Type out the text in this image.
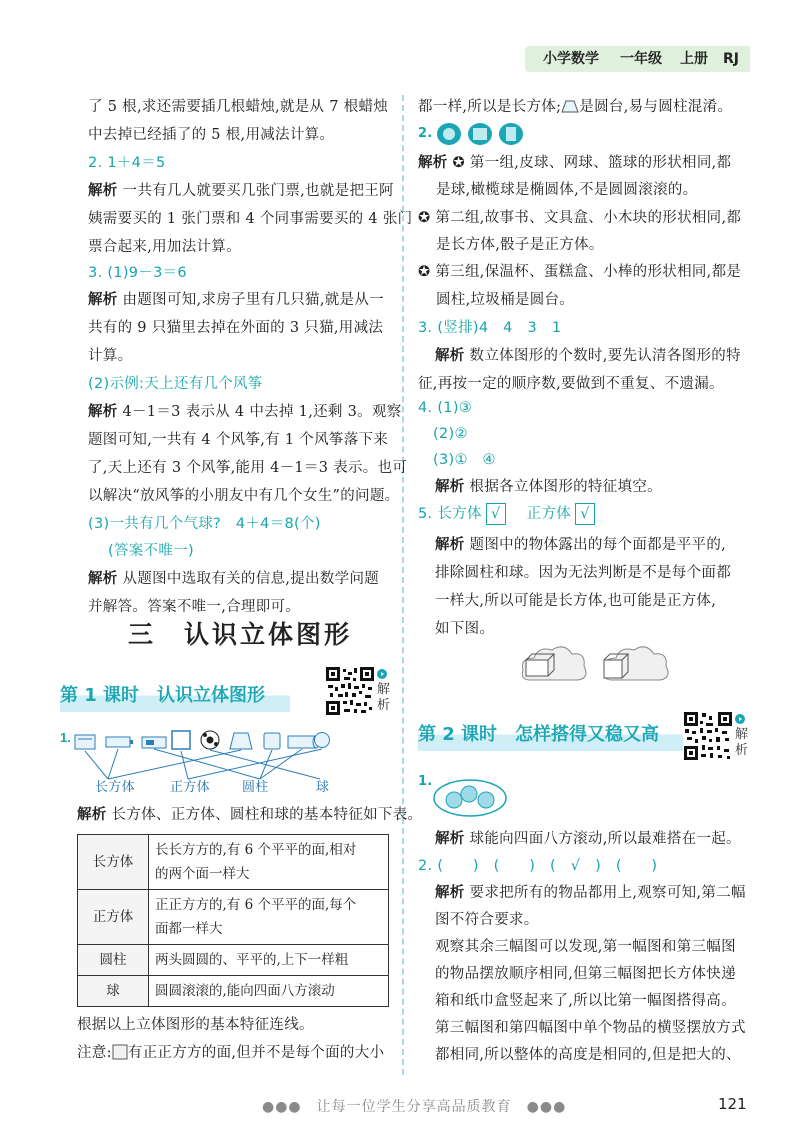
小学数学 一年级 上册 RJ
了 5 根,求还需要插几根蜡烛,就是从 7 根蜡烛
中去掉已经插了的 5 根,用减法计算。
2. 1＋4＝5
解析 一共有几人就要买几张门票,也就是把王阿
姨需要买的 1 张门票和 4 个同事需要买的 4 张门
票合起来,用加法计算。
3. (1)9－3＝6
解析 由题图可知,求房子里有几只猫,就是从一
共有的 9 只猫里去掉在外面的 3 只猫,用减法
计算。
(2)示例:天上还有几个风筝
解析 4－1＝3 表示从 4 中去掉 1,还剩 3。观察
题图可知,一共有 4 个风筝,有 1 个风筝落下来
了,天上还有 3 个风筝,能用 4－1＝3 表示。也可
以解决“放风筝的小朋友中有几个女生”的问题。
(3)一共有几个气球?　4＋4＝8(个)
(答案不唯一)
解析 从题图中选取有关的信息,提出数学问题
并解答。答案不唯一,合理即可。
三　认识立体图形
第 1 课时　认识立体图形	解析
1.
长方体	正方体 圆柱	球
解析 长方体、正方体、圆柱和球的基本特征如下表。
长方体	长长方方的,有 6 个平平的面,相对
的两个面一样大
正方体	正正方方的,有 6 个平平的面,每个
面都一样大
圆柱	两头圆圆的、平平的,上下一样粗
球	圆圆滚滚的,能向四面八方滚动
根据以上立体图形的基本特征连线。
注意: 有正正方方的面,但并不是每个面的大小
都一样,所以是长方体; 是圆台,易与圆柱混淆。
2.
解析 ✪ 第一组,皮球、网球、篮球的形状相同,都
是球,橄榄球是椭圆体,不是圆圆滚滚的。
✪ 第二组,故事书、文具盒、小木块的形状相同,都
是长方体,骰子是正方体。
✪ 第三组,保温杯、蛋糕盒、小棒的形状相同,都是
圆柱,垃圾桶是圆台。
3. (竖排)4　4　3　1
解析 数立体图形的个数时,要先认清各图形的特
征,再按一定的顺序数,要做到不重复、不遗漏。
4. (1)③
(2)②
(3)①　④
解析 根据各立体图形的特征填空。
5. 长方体 √ 正方体 √
解析 题图中的物体露出的每个面都是平平的,
排除圆柱和球。因为无法判断是不是每个面都
一样大,所以可能是长方体,也可能是正方体,
如下图。
第 2 课时　怎样搭得又稳又高	解析
1.
解析 球能向四面八方滚动,所以最难搭在一起。
2. (　　)　(　　)　(　√　)　(　　)
解析 要求把所有的物品都用上,观察可知,第二幅
图不符合要求。
观察其余三幅图可以发现,第一幅图和第三幅图
的物品摆放顺序相同,但第三幅图把长方体快递
箱和纸巾盒竖起来了,所以比第一幅图搭得高。
第三幅图和第四幅图中单个物品的横竖摆放方式
都相同,所以整体的高度是相同的,但是把大的、
●●●　让每一位学生分享高品质教育　●●●	121
